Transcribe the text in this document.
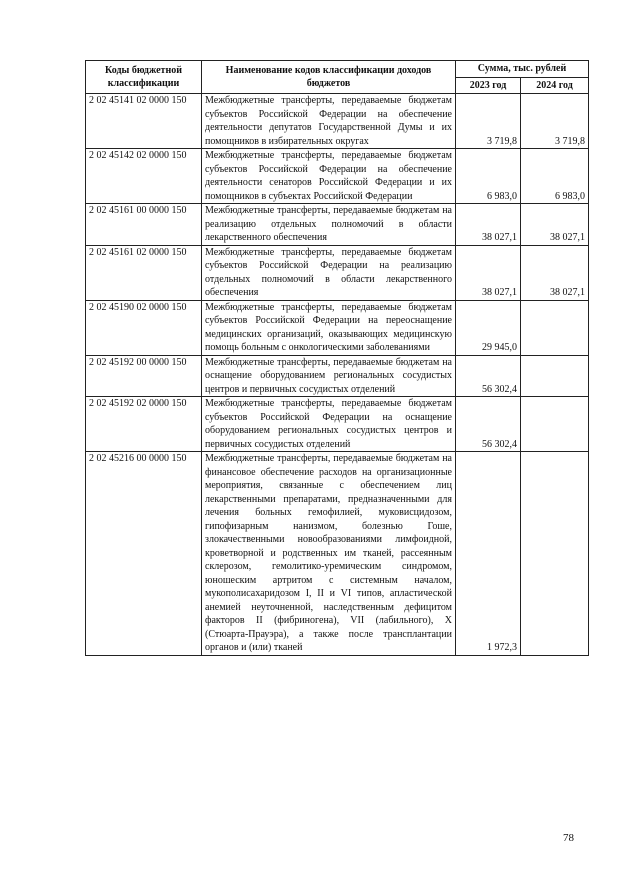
Коды бюджетной классификации	Наименование кодов классификации доходов бюджетов	Сумма, тыс. рублей	
		2023 год	2024 год
2 02 45141 02 0000 150	Межбюджетные трансферты, передаваемые бюджетам субъектов Российской Федерации на обеспечение деятельности депутатов Государственной Думы и их помощников в избирательных округах	3 719,8	3 719,8
2 02 45142 02 0000 150	Межбюджетные трансферты, передаваемые бюджетам субъектов Российской Федерации на обеспечение деятельности сенаторов Российской Федерации и их помощников в субъектах Российской Федерации	6 983,0	6 983,0
2 02 45161 00 0000 150	Межбюджетные трансферты, передаваемые бюджетам на реализацию отдельных полномочий в области лекарственного обеспечения	38 027,1	38 027,1
2 02 45161 02 0000 150	Межбюджетные трансферты, передаваемые бюджетам субъектов Российской Федерации на реализацию отдельных полномочий в области лекарственного обеспечения	38 027,1	38 027,1
2 02 45190 02 0000 150	Межбюджетные трансферты, передаваемые бюджетам субъектов Российской Федерации на переоснащение медицинских организаций, оказывающих медицинскую помощь больным с онкологическими заболеваниями	29 945,0	
2 02 45192 00 0000 150	Межбюджетные трансферты, передаваемые бюджетам на оснащение оборудованием региональных сосудистых центров и первичных сосудистых отделений	56 302,4	
2 02 45192 02 0000 150	Межбюджетные трансферты, передаваемые бюджетам субъектов Российской Федерации на оснащение оборудованием региональных сосудистых центров и первичных сосудистых отделений	56 302,4	
2 02 45216 00 0000 150	Межбюджетные трансферты, передаваемые бюджетам на финансовое обеспечение расходов на организационные мероприятия, связанные с обеспечением лиц лекарственными препаратами, предназначенными для лечения больных гемофилией, муковисцидозом, гипофизарным нанизмом, болезнью Гоше, злокачественными новообразованиями лимфоидной, кроветворной и родственных им тканей, рассеянным склерозом, гемолитико-уремическим синдромом, юношеским артритом с системным началом, мукополисахаридозом I, II и VI типов, апластической анемией неуточненной, наследственным дефицитом факторов II (фибриногена), VII (лабильного), X (Стюарта-Прауэра), а также после трансплантации органов и (или) тканей	1 972,3	
78
